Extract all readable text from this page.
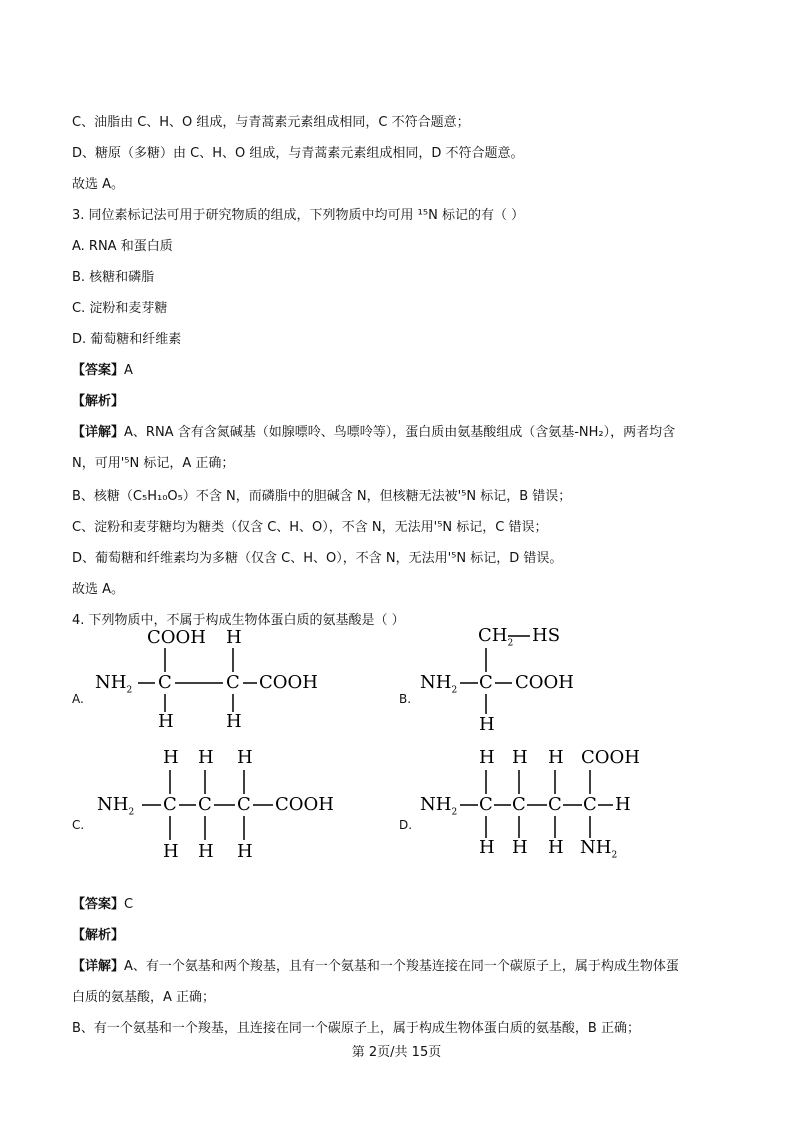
C、油脂由 C、H、O 组成，与青蒿素元素组成相同，C 不符合题意；
D、糖原（多糖）由 C、H、O 组成，与青蒿素元素组成相同，D 不符合题意。
故选 A。
3. 同位素标记法可用于研究物质的组成，下列物质中均可用 ¹⁵N 标记的有（ ）
A. RNA 和蛋白质
B. 核糖和磷脂
C. 淀粉和麦芽糖
D. 葡萄糖和纤维素
【答案】A
【解析】
【详解】A、RNA 含有含氮碱基（如腺嘌呤、鸟嘌呤等），蛋白质由氨基酸组成（含氨基-NH₂），两者均含
N，可用'⁵N 标记，A 正确；
B、核糖（C₅H₁₀O₅）不含 N，而磷脂中的胆碱含 N，但核糖无法被'⁵N 标记，B 错误；
C、淀粉和麦芽糖均为糖类（仅含 C、H、O），不含 N，无法用'⁵N 标记，C 错误；
D、葡萄糖和纤维素均为多糖（仅含 C、H、O），不含 N，无法用'⁵N 标记，D 错误。
故选 A。
4. 下列物质中，不属于构成生物体蛋白质的氨基酸是（ ）
A.	B.
C.	D.
COOH H
$NH_2$ C	C COOH
H	H
$CH_2$ HS
$NH_2$ C COOH
H
H H H
$NH_2$ C C C COOH
H H H
H H H COOH
$NH_2$ C C C C H
H H H $NH_2$
【答案】C
【解析】
【详解】A、有一个氨基和两个羧基，且有一个氨基和一个羧基连接在同一个碳原子上，属于构成生物体蛋
白质的氨基酸，A 正确；
B、有一个氨基和一个羧基，且连接在同一个碳原子上，属于构成生物体蛋白质的氨基酸，B 正确；
第 2页/共 15页
